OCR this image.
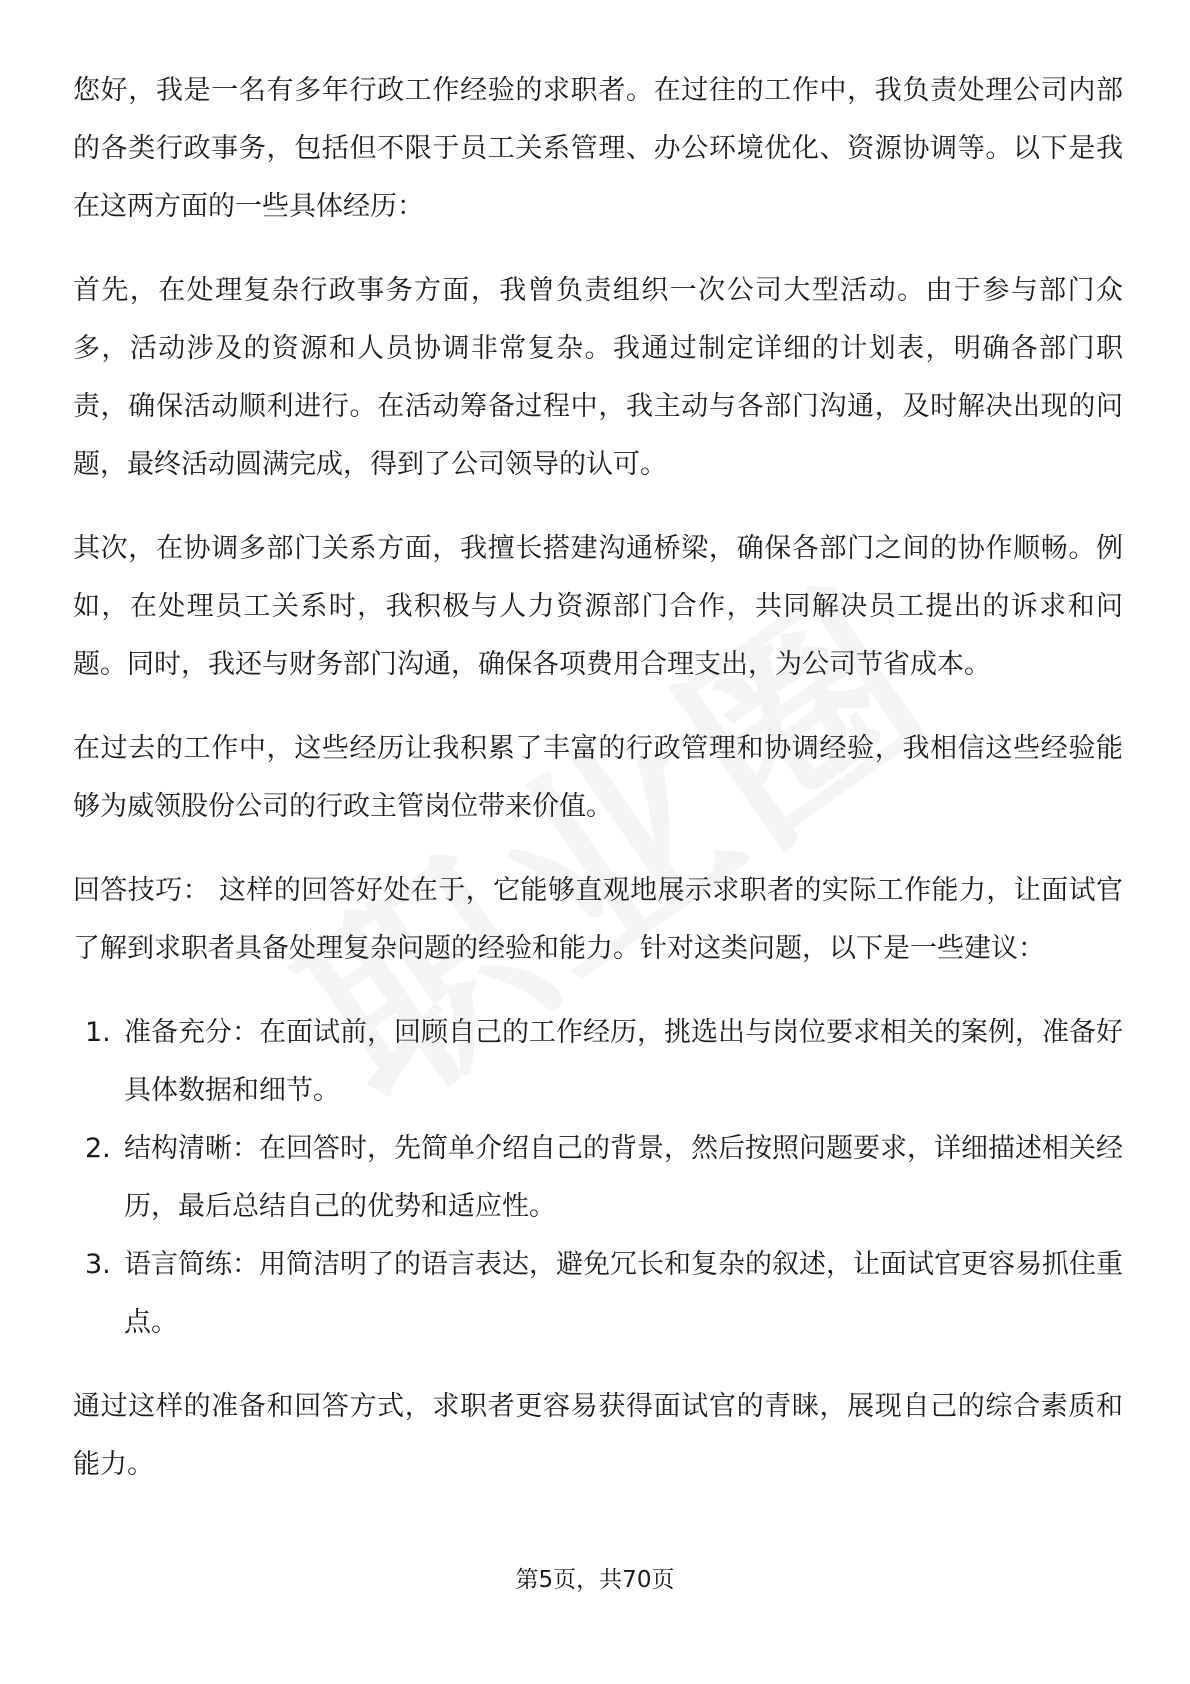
您好，我是一名有多年行政工作经验的求职者。在过往的工作中，我负责处理公司内部的各类行政事务，包括但不限于员工关系管理、办公环境优化、资源协调等。以下是我在这两方面的一些具体经历：

首先，在处理复杂行政事务方面，我曾负责组织一次公司大型活动。由于参与部门众多，活动涉及的资源和人员协调非常复杂。我通过制定详细的计划表，明确各部门职责，确保活动顺利进行。在活动筹备过程中，我主动与各部门沟通，及时解决出现的问题，最终活动圆满完成，得到了公司领导的认可。

其次，在协调多部门关系方面，我擅长搭建沟通桥梁，确保各部门之间的协作顺畅。例如，在处理员工关系时，我积极与人力资源部门合作，共同解决员工提出的诉求和问题。同时，我还与财务部门沟通，确保各项费用合理支出，为公司节省成本。

在过去的工作中，这些经历让我积累了丰富的行政管理和协调经验，我相信这些经验能够为威领股份公司的行政主管岗位带来价值。

回答技巧： 这样的回答好处在于，它能够直观地展示求职者的实际工作能力，让面试官了解到求职者具备处理复杂问题的经验和能力。针对这类问题，以下是一些建议：

1. 准备充分：在面试前，回顾自己的工作经历，挑选出与岗位要求相关的案例，准备好具体数据和细节。
2. 结构清晰：在回答时，先简单介绍自己的背景，然后按照问题要求，详细描述相关经历，最后总结自己的优势和适应性。
3. 语言简练：用简洁明了的语言表达，避免冗长和复杂的叙述，让面试官更容易抓住重点。

通过这样的准备和回答方式，求职者更容易获得面试官的青睐，展现自己的综合素质和能力。

第5页，共70页
